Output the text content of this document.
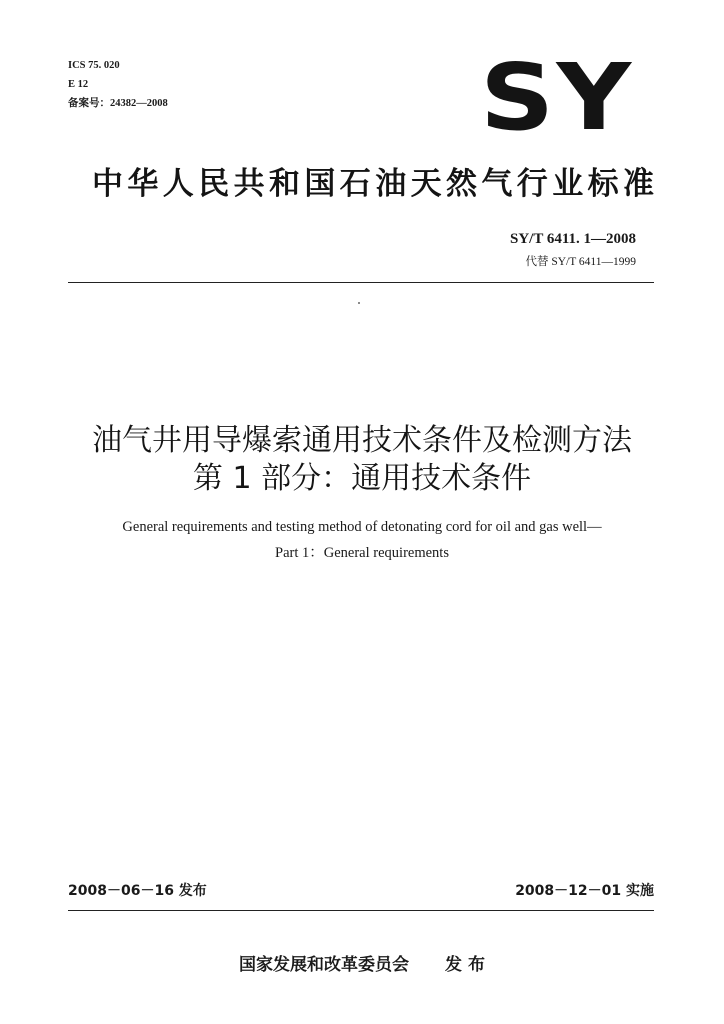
ICS 75. 020
E 12
备案号：24382—2008	SY
中华人民共和国石油天然气行业标准
SY/T 6411. 1—2008
代替 SY/T 6411—1999
油气井用导爆索通用技术条件及检测方法
第 1 部分：通用技术条件
General requirements and testing method of detonating cord for oil and gas well—
Part 1：General requirements
2008－06－16 发布	2008－12－01 实施
国家发展和改革委员会 发 布
